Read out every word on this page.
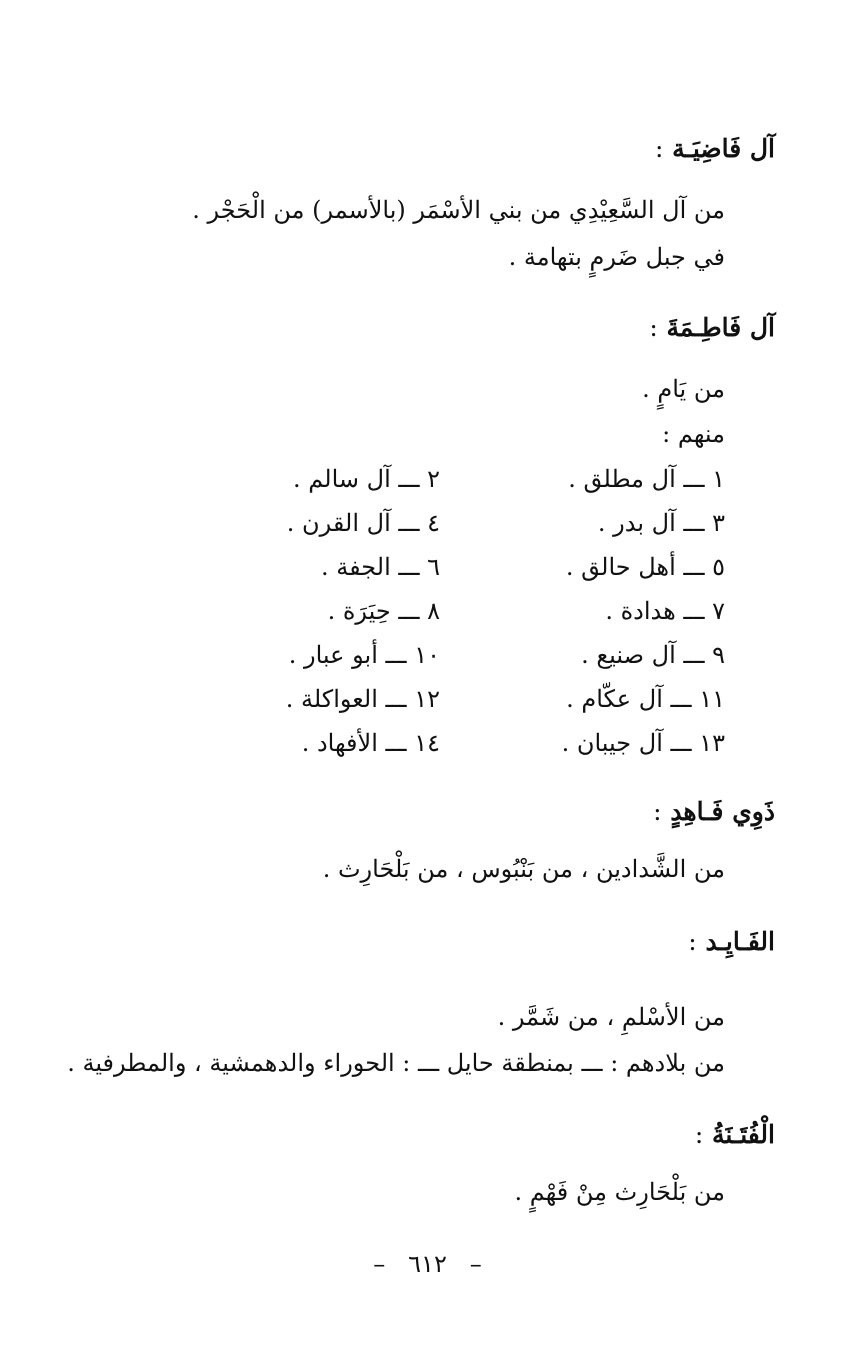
آل فَاضِيَـة :
من آل السَّعِيْدِي من بني الأسْمَر (بالأسمر) من الْحَجْر .
في جبل ضَرمٍ بتهامة .
آل فَاطِـمَةَ :
من يَامٍ .
منهم :
١ ـــ آل مطلق .
٢ ـــ آل سالم .
٣ ـــ آل بدر .
٤ ـــ آل القرن .
٥ ـــ أهل حالق .
٦ ـــ الجفة .
٧ ـــ هدادة .
٨ ـــ حِيَرَة .
٩ ـــ آل صنيع .
١٠ ـــ أبو عبار .
١١ ـــ آل عكّام .
١٢ ـــ العواكلة .
١٣ ـــ آل جيبان .
١٤ ـــ الأفهاد .
ذَوِي فَـاهِدٍ :
من الشَّدادين ، من بَنْبُوس ، من بَلْحَارِث .
الفَـايِـد :
من الأسْلمِ ، من شَمَّر .
من بلادهم : ـــ بمنطقة حايل ـــ : الحوراء والدهمشية ، والمطرفية .
الْفُتَـنَةُ :
من بَلْحَارِث مِنْ فَهْمٍ .
– ٦١٢ –
